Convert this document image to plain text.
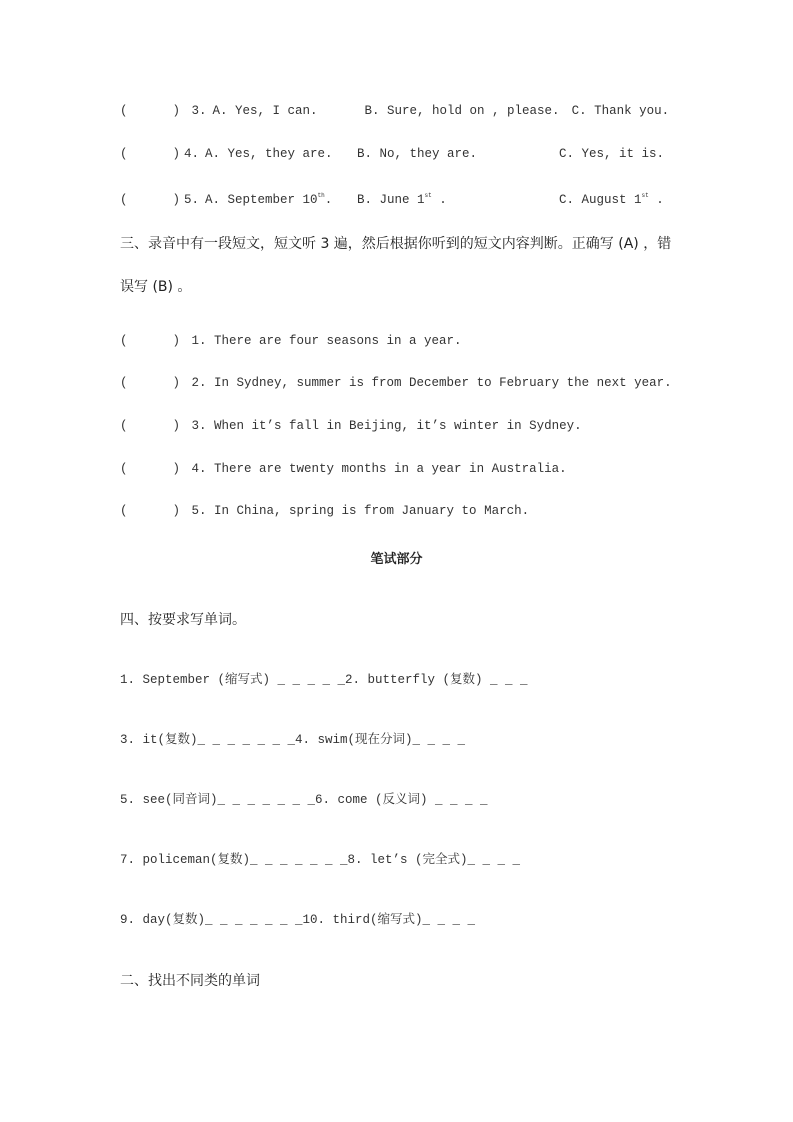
(      ) 3. A. Yes, I can.	B. Sure, hold on , please. C. Thank you.
(      ) 4. A. Yes, they are.	B. No, they are.	C. Yes, it is.
(      ) 5. A. September 10th.	B. June 1st .	C. August 1st .
三、录音中有一段短文，短文听 3 遍，然后根据你听到的短文内容判断。正确写 (A) ，错
误写 (B) 。
(      ) 1. There are four seasons in a year.
(      ) 2. In Sydney, summer is from December to February the next year.
(      ) 3. When it’s fall in Beijing, it’s winter in Sydney.
(      ) 4. There are twenty months in a year in Australia.
(      ) 5. In China, spring is from January to March.
笔试部分
四、按要求写单词。
1. September (缩写式) _ _ _ _ _2. butterfly (复数) _ _ _
3. it(复数)_ _ _ _ _ _ _4. swim(现在分词)_ _ _ _
5. see(同音词)_ _ _ _ _ _ _6. come (反义词) _ _ _ _
7. policeman(复数)_ _ _ _ _ _ _8. let’s (完全式)_ _ _ _
9. day(复数)_ _ _ _ _ _ _10. third(缩写式)_ _ _ _
二、找出不同类的单词
